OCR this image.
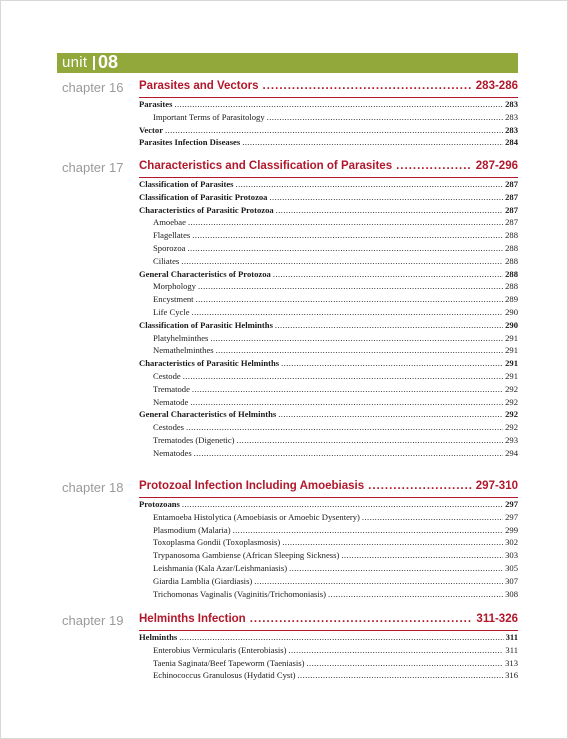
unit 08
chapter 16 Parasites and Vectors .....	283-286
Parasites .....	283
Important Terms of Parasitology .....	283
Vector .....	283
Parasites Infection Diseases .....	284
chapter 17 Characteristics and Classification of Parasites .....	287-296
Classification of Parasites .....	287
Classification of Parasitic Protozoa .....	287
Characteristics of Parasitic Protozoa .....	287
Amoebae .....	287
Flagellates .....	288
Sporozoa .....	288
Ciliates .....	288
General Characteristics of Protozoa .....	288
Morphology .....	288
Encystment .....	289
Life Cycle .....	290
Classification of Parasitic Helminths .....	290
Platyhelminthes .....	291
Nemathelminthes .....	291
Characteristics of Parasitic Helminths .....	291
Cestode .....	291
Trematode .....	292
Nematode .....	292
General Characteristics of Helminths .....	292
Cestodes .....	292
Trematodes (Digenetic) .....	293
Nematodes .....	294
chapter 18 Protozoal Infection Including Amoebiasis .....	297-310
Protozoans .....	297
Entamoeba Histolytica (Amoebiasis or Amoebic Dysentery) .....	297
Plasmodium (Malaria) .....	299
Toxoplasma Gondii (Toxoplasmosis) .....	302
Trypanosoma Gambiense (African Sleeping Sickness) .....	303
Leishmania (Kala Azar/Leishmaniasis) .....	305
Giardia Lamblia (Giardiasis) .....	307
Trichomonas Vaginalis (Vaginitis/Trichomoniasis) .....	308
chapter 19 Helminths Infection .....	311-326
Helminths .....	311
Enterobius Vermicularis (Enterobiasis) .....	311
Taenia Saginata/Beef Tapeworm (Taeniasis) .....	313
Echinococcus Granulosus (Hydatid Cyst) .....	316
